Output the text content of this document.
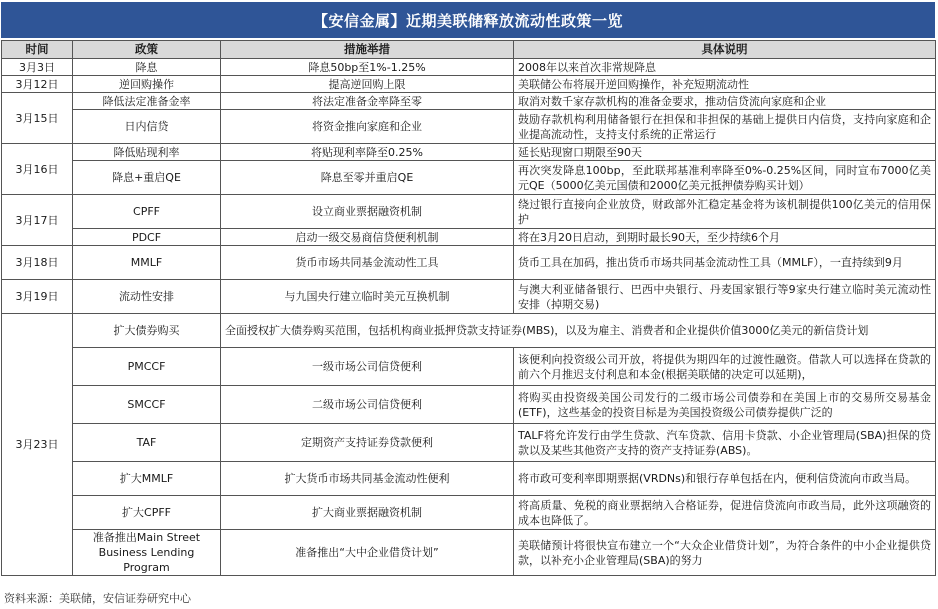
【安信金属】近期美联储释放流动性政策一览
时间	政策	措施举措	具体说明
3月3日	降息	降息50bp至1%-1.25%	2008年以来首次非常规降息
3月12日	逆回购操作	提高逆回购上限	美联储公布将展开逆回购操作，补充短期流动性
3月15日	降低法定准备金率	将法定准备金率降至零	取消对数千家存款机构的准备金要求，推动信贷流向家庭和企业
	日内信贷	将资金推向家庭和企业	鼓励存款机构利用储备银行在担保和非担保的基础上提供日内信贷，支持向家庭和企业提高流动性，支持支付系统的正常运行
3月16日	降低贴现利率	将贴现利率降至0.25%	延长贴现窗口期限至90天
	降息+重启QE	降息至零并重启QE	再次突发降息100bp，至此联邦基准利率降至0%-0.25%区间，同时宣布7000亿美元QE（5000亿美元国债和2000亿美元抵押债券购买计划）
3月17日	CPFF	设立商业票据融资机制	绕过银行直接向企业放贷，财政部外汇稳定基金将为该机制提供100亿美元的信用保护
	PDCF	启动一级交易商信贷便利机制	将在3月20日启动，到期时最长90天，至少持续6个月
3月18日	MMLF	货币市场共同基金流动性工具	货币工具在加码，推出货币市场共同基金流动性工具（MMLF），一直持续到9月
3月19日	流动性安排	与九国央行建立临时美元互换机制	与澳大利亚储备银行、巴西中央银行、丹麦国家银行等9家央行建立临时美元流动性安排（掉期交易)
3月23日	扩大债券购买	全面授权扩大债券购买范围，包括机构商业抵押贷款支持证券(MBS)，以及为雇主、消费者和企业提供价值3000亿美元的新信贷计划	
	PMCCF	一级市场公司信贷便利	该便利向投资级公司开放，将提供为期四年的过渡性融资。借款人可以选择在贷款的前六个月推迟支付利息和本金(根据美联储的决定可以延期)，
	SMCCF	二级市场公司信贷便利	将购买由投资级美国公司发行的二级市场公司债券和在美国上市的交易所交易基金(ETF)，这些基金的投资目标是为美国投资级公司债券提供广泛的
	TAF	定期资产支持证券贷款便利	TALF将允许发行由学生贷款、汽车贷款、信用卡贷款、小企业管理局(SBA)担保的贷款以及某些其他资产支持的资产支持证券(ABS)。
	扩大MMLF	扩大货币市场共同基金流动性便利	将市政可变利率即期票据(VRDNs)和银行存单包括在内，便利信贷流向市政当局。
	扩大CPFF	扩大商业票据融资机制	将高质量、免税的商业票据纳入合格证券，促进信贷流向市政当局，此外这项融资的成本也降低了。
	准备推出Main Street Business Lending Program	准备推出“大中企业借贷计划”	美联储预计将很快宣布建立一个“大众企业借贷计划”，为符合条件的中小企业提供贷款，以补充小企业管理局(SBA)的努力
资料来源：美联储，安信证券研究中心
